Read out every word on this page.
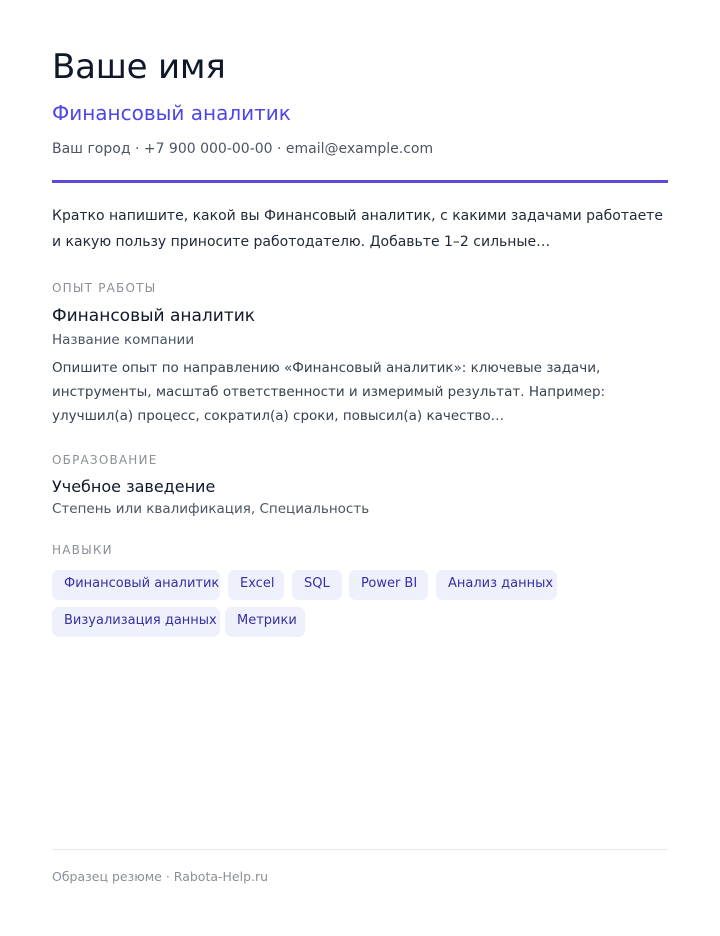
Ваше имя
Финансовый аналитик
Ваш город · +7 900 000-00-00 · email@example.com
Кратко напишите, какой вы Финансовый аналитик, с какими задачами работаете и какую пользу приносите работодателю. Добавьте 1–2 сильные…
ОПЫТ РАБОТЫ
Финансовый аналитик
Название компании
Опишите опыт по направлению «Финансовый аналитик»: ключевые задачи, инструменты, масштаб ответственности и измеримый результат. Например: улучшил(а) процесс, сократил(а) сроки, повысил(а) качество…
ОБРАЗОВАНИЕ
Учебное заведение
Степень или квалификация, Специальность
НАВЫКИ
Финансовый аналитик	Excel	SQL	Power BI	Анализ данных
Визуализация данных	Метрики
Образец резюме · Rabota-Help.ru
